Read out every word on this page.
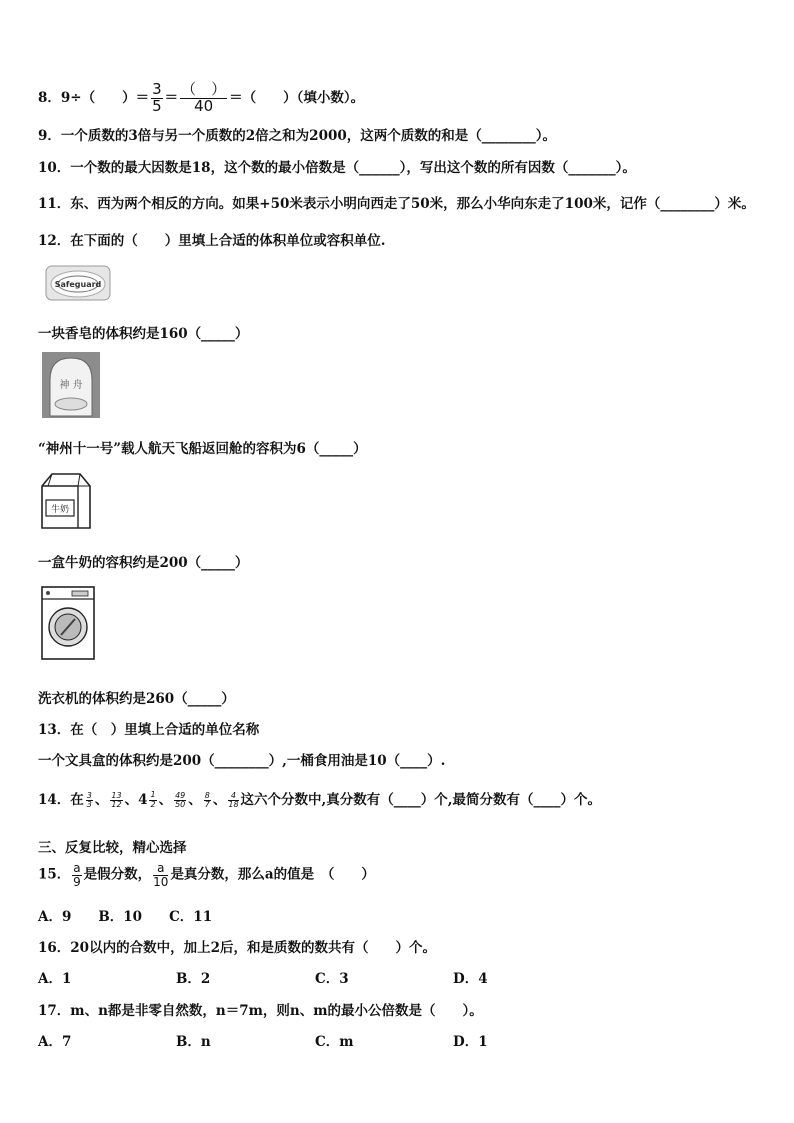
8．9÷（　　）＝ $\frac{3}{5} = \frac{( )}{40}$ ＝（　　）（填小数）。
9．一个质数的3倍与另一个质数的2倍之和为2000，这两个质数的和是（________）。
10．一个数的最大因数是18，这个数的最小倍数是（______），写出这个数的所有因数（_______）。
11．东、西为两个相反的方向。如果+50米表示小明向西走了50米，那么小华向东走了100米，记作（________）米。
12．在下面的（　　）里填上合适的体积单位或容积单位.
Safeguard
一块香皂的体积约是160（_____）
神 舟
“神州十一号”载人航天飞船返回舱的容积为6（_____）
牛奶
一盒牛奶的容积约是200（_____）
洗衣机的体积约是260（_____）
13．在（　）里填上合适的单位名称
一个文具盒的体积约是200（________）,一桶食用油是10（____）.
14．在 $\frac{3}{3}$ 、 $\frac{13}{12}$ 、 $4 \frac{1}{2}$ 、 $\frac{49}{50}$ 、 $\frac{8}{7}$ 、 $\frac{4}{18}$ 这六个分数中,真分数有（____）个,最简分数有（____）个。
三、反复比较，精心选择
15． $\frac{a}{9}$ 是假分数， $\frac{a}{10}$ 是真分数，那么a的值是　（　　）
A．9　　B．10　　C．11
16．20以内的合数中，加上2后，和是质数的数共有（　　）个。
A．1	B．2	C．3	D．4
17．m、n都是非零自然数，n＝7m，则n、m的最小公倍数是（　　）。
A．7	B．n	C．m	D．1
